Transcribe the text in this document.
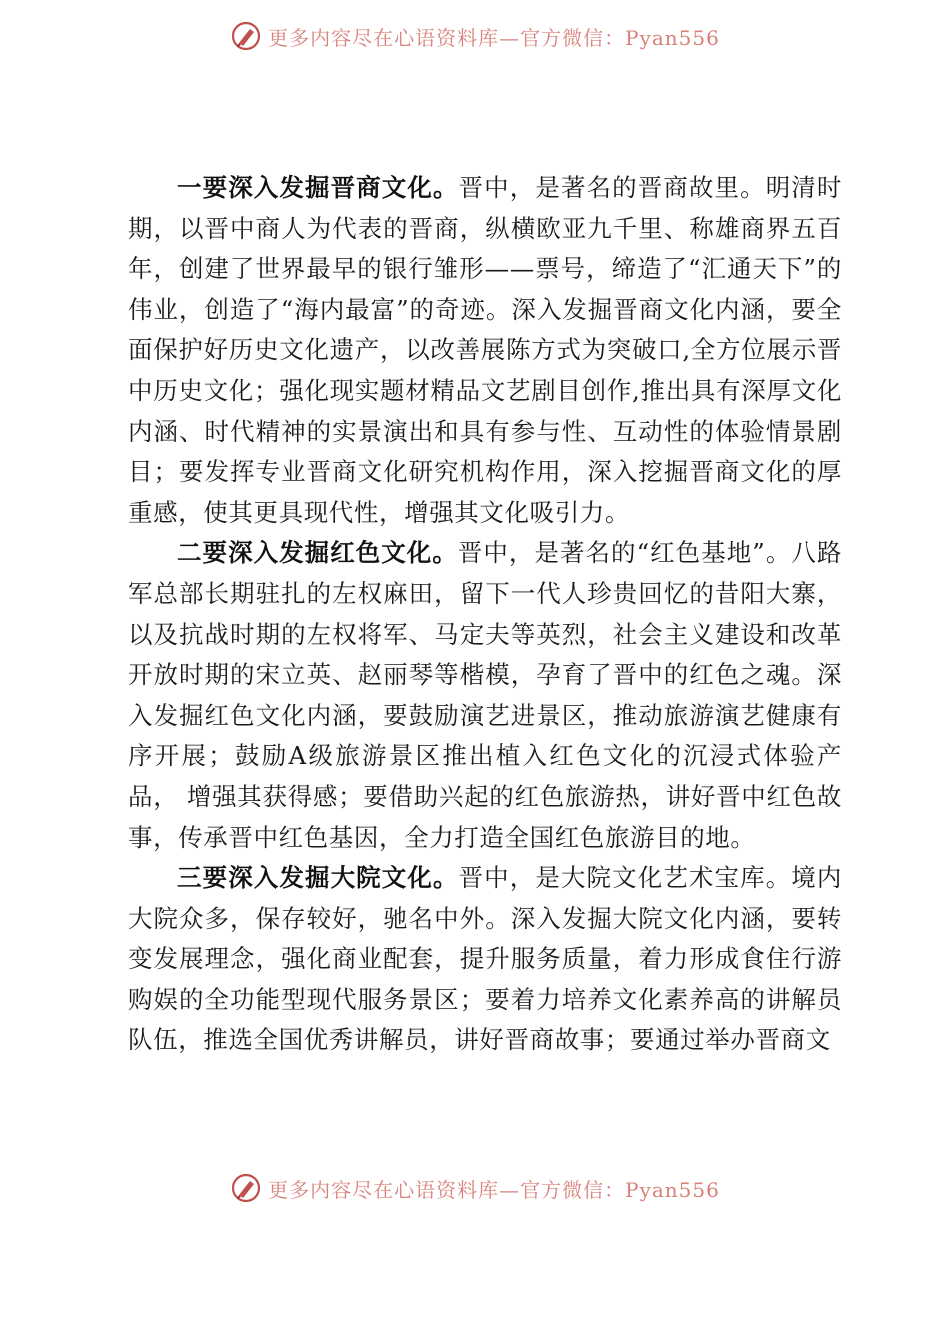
更多内容尽在心语资料库—官方微信：Pyan556

一要深入发掘晋商文化。晋中，是著名的晋商故里。明清时期，以晋中商人为代表的晋商，纵横欧亚九千里、称雄商界五百年，创建了世界最早的银行雏形——票号，缔造了“汇通天下”的伟业，创造了“海内最富”的奇迹。深入发掘晋商文化内涵，要全面保护好历史文化遗产，以改善展陈方式为突破口,全方位展示晋中历史文化；强化现实题材精品文艺剧目创作,推出具有深厚文化内涵、时代精神的实景演出和具有参与性、互动性的体验情景剧目；要发挥专业晋商文化研究机构作用，深入挖掘晋商文化的厚重感，使其更具现代性，增强其文化吸引力。

二要深入发掘红色文化。晋中，是著名的“红色基地”。八路军总部长期驻扎的左权麻田，留下一代人珍贵回忆的昔阳大寨，以及抗战时期的左权将军、马定夫等英烈，社会主义建设和改革开放时期的宋立英、赵丽琴等楷模，孕育了晋中的红色之魂。深入发掘红色文化内涵，要鼓励演艺进景区，推动旅游演艺健康有序开展；鼓励A级旅游景区推出植入红色文化的沉浸式体验产品， 增强其获得感；要借助兴起的红色旅游热，讲好晋中红色故事，传承晋中红色基因，全力打造全国红色旅游目的地。

三要深入发掘大院文化。晋中，是大院文化艺术宝库。境内大院众多，保存较好，驰名中外。深入发掘大院文化内涵，要转变发展理念，强化商业配套，提升服务质量，着力形成食住行游购娱的全功能型现代服务景区；要着力培养文化素养高的讲解员队伍，推选全国优秀讲解员，讲好晋商故事；要通过举办晋商文

更多内容尽在心语资料库—官方微信：Pyan556
